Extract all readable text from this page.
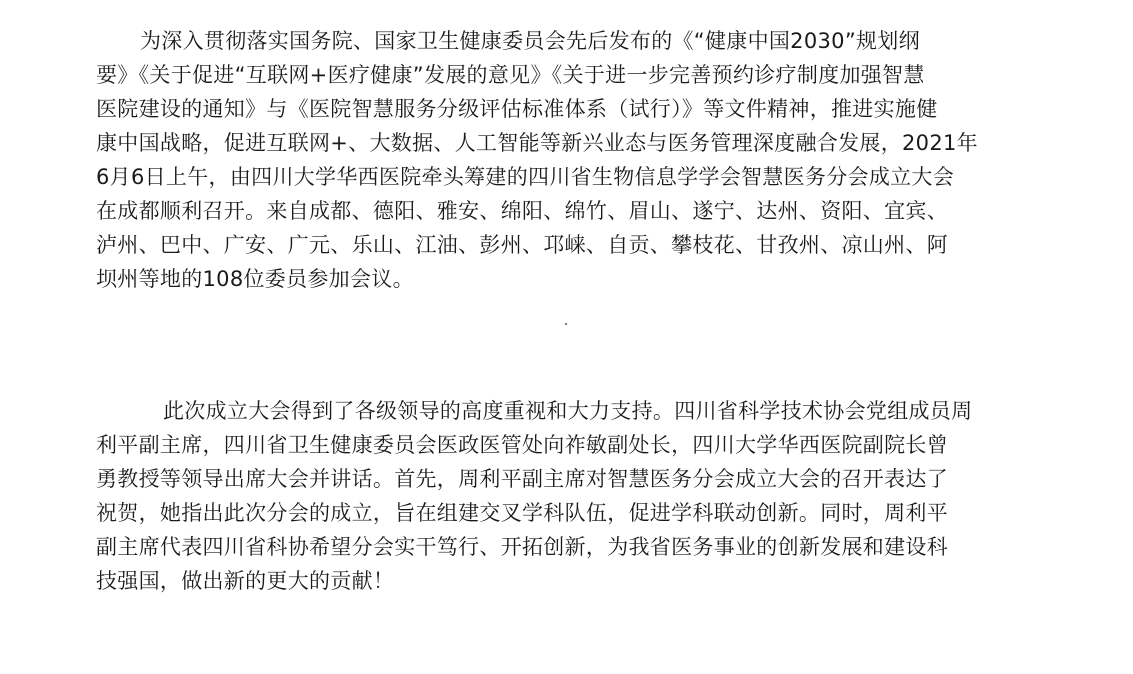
为深入贯彻落实国务院、国家卫生健康委员会先后发布的《“健康中国2030”规划纲
要》《关于促进“互联网+医疗健康”发展的意见》《关于进一步完善预约诊疗制度加强智慧
医院建设的通知》与《医院智慧服务分级评估标准体系（试行）》等文件精神，推进实施健
康中国战略，促进互联网+、大数据、人工智能等新兴业态与医务管理深度融合发展，2021年
6月6日上午，由四川大学华西医院牵头筹建的四川省生物信息学学会智慧医务分会成立大会
在成都顺利召开。来自成都、德阳、雅安、绵阳、绵竹、眉山、遂宁、达州、资阳、宜宾、
泸州、巴中、广安、广元、乐山、江油、彭州、邛崃、自贡、攀枝花、甘孜州、凉山州、阿
坝州等地的108位委员参加会议。
此次成立大会得到了各级领导的高度重视和大力支持。四川省科学技术协会党组成员周
利平副主席，四川省卫生健康委员会医政医管处向祚敏副处长，四川大学华西医院副院长曾
勇教授等领导出席大会并讲话。首先，周利平副主席对智慧医务分会成立大会的召开表达了
祝贺，她指出此次分会的成立，旨在组建交叉学科队伍，促进学科联动创新。同时，周利平
副主席代表四川省科协希望分会实干笃行、开拓创新，为我省医务事业的创新发展和建设科
技强国，做出新的更大的贡献！
